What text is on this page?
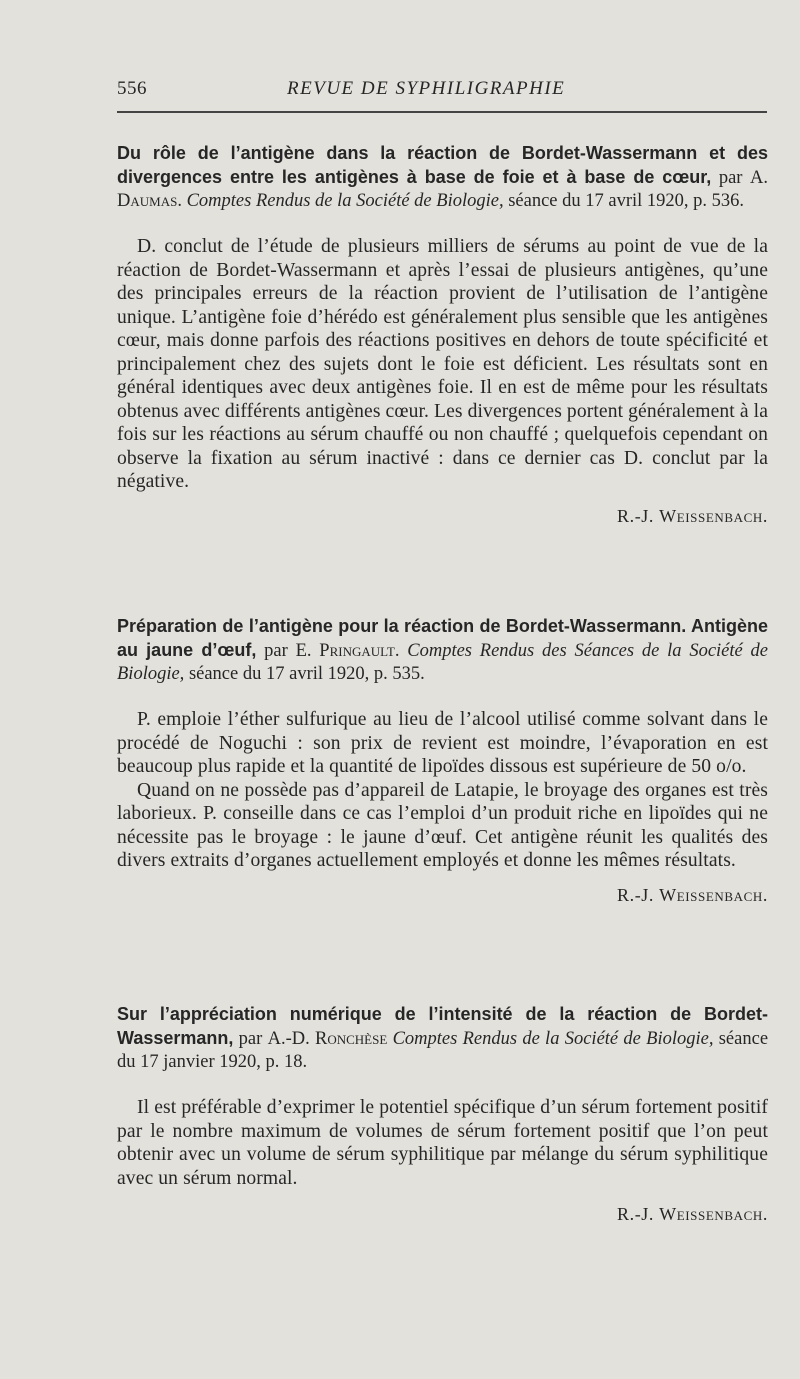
556	REVUE DE SYPHILIGRAPHIE

Du rôle de l’antigène dans la réaction de Bordet-Wassermann et des divergences entre les antigènes à base de foie et à base de cœur, par A. Daumas. Comptes Rendus de la Société de Biologie, séance du 17 avril 1920, p. 536.

D. conclut de l’étude de plusieurs milliers de sérums au point de vue de la réaction de Bordet-Wassermann et après l’essai de plusieurs antigènes, qu’une des principales erreurs de la réaction provient de l’utilisation de l’antigène unique. L’antigène foie d’hérédo est généralement plus sensible que les antigènes cœur, mais donne parfois des réactions positives en dehors de toute spécificité et principalement chez des sujets dont le foie est déficient. Les résultats sont en général identiques avec deux antigènes foie. Il en est de même pour les résultats obtenus avec différents antigènes cœur. Les divergences portent généralement à la fois sur les réactions au sérum chauffé ou non chauffé ; quelquefois cependant on observe la fixation au sérum inactivé : dans ce dernier cas D. conclut par la négative.

R.-J. Weissenbach.

Préparation de l’antigène pour la réaction de Bordet-Wassermann. Antigène au jaune d’œuf, par E. Pringault. Comptes Rendus des Séances de la Société de Biologie, séance du 17 avril 1920, p. 535.

P. emploie l’éther sulfurique au lieu de l’alcool utilisé comme solvant dans le procédé de Noguchi : son prix de revient est moindre, l’évaporation en est beaucoup plus rapide et la quantité de lipoïdes dissous est supérieure de 50 o/o.

Quand on ne possède pas d’appareil de Latapie, le broyage des organes est très laborieux. P. conseille dans ce cas l’emploi d’un produit riche en lipoïdes qui ne nécessite pas le broyage : le jaune d’œuf. Cet antigène réunit les qualités des divers extraits d’organes actuellement employés et donne les mêmes résultats.

R.-J. Weissenbach.

Sur l’appréciation numérique de l’intensité de la réaction de Bordet-Wassermann, par A.-D. Ronchèse Comptes Rendus de la Société de Biologie, séance du 17 janvier 1920, p. 18.

Il est préférable d’exprimer le potentiel spécifique d’un sérum fortement positif par le nombre maximum de volumes de sérum fortement positif que l’on peut obtenir avec un volume de sérum syphilitique par mélange du sérum syphilitique avec un sérum normal.

R.-J. Weissenbach.
